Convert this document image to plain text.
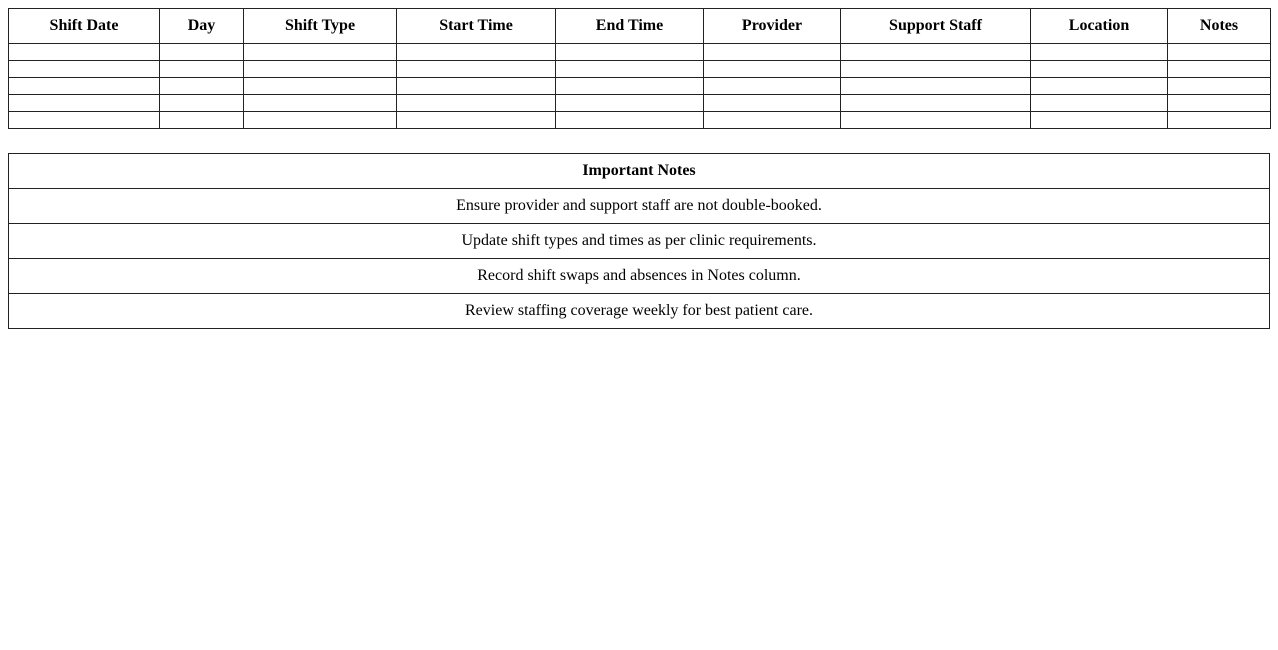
Shift Date	Day	Shift Type	Start Time	End Time	Provider	Support Staff	Location	Notes

Important Notes
Ensure provider and support staff are not double-booked.
Update shift types and times as per clinic requirements.
Record shift swaps and absences in Notes column.
Review staffing coverage weekly for best patient care.
